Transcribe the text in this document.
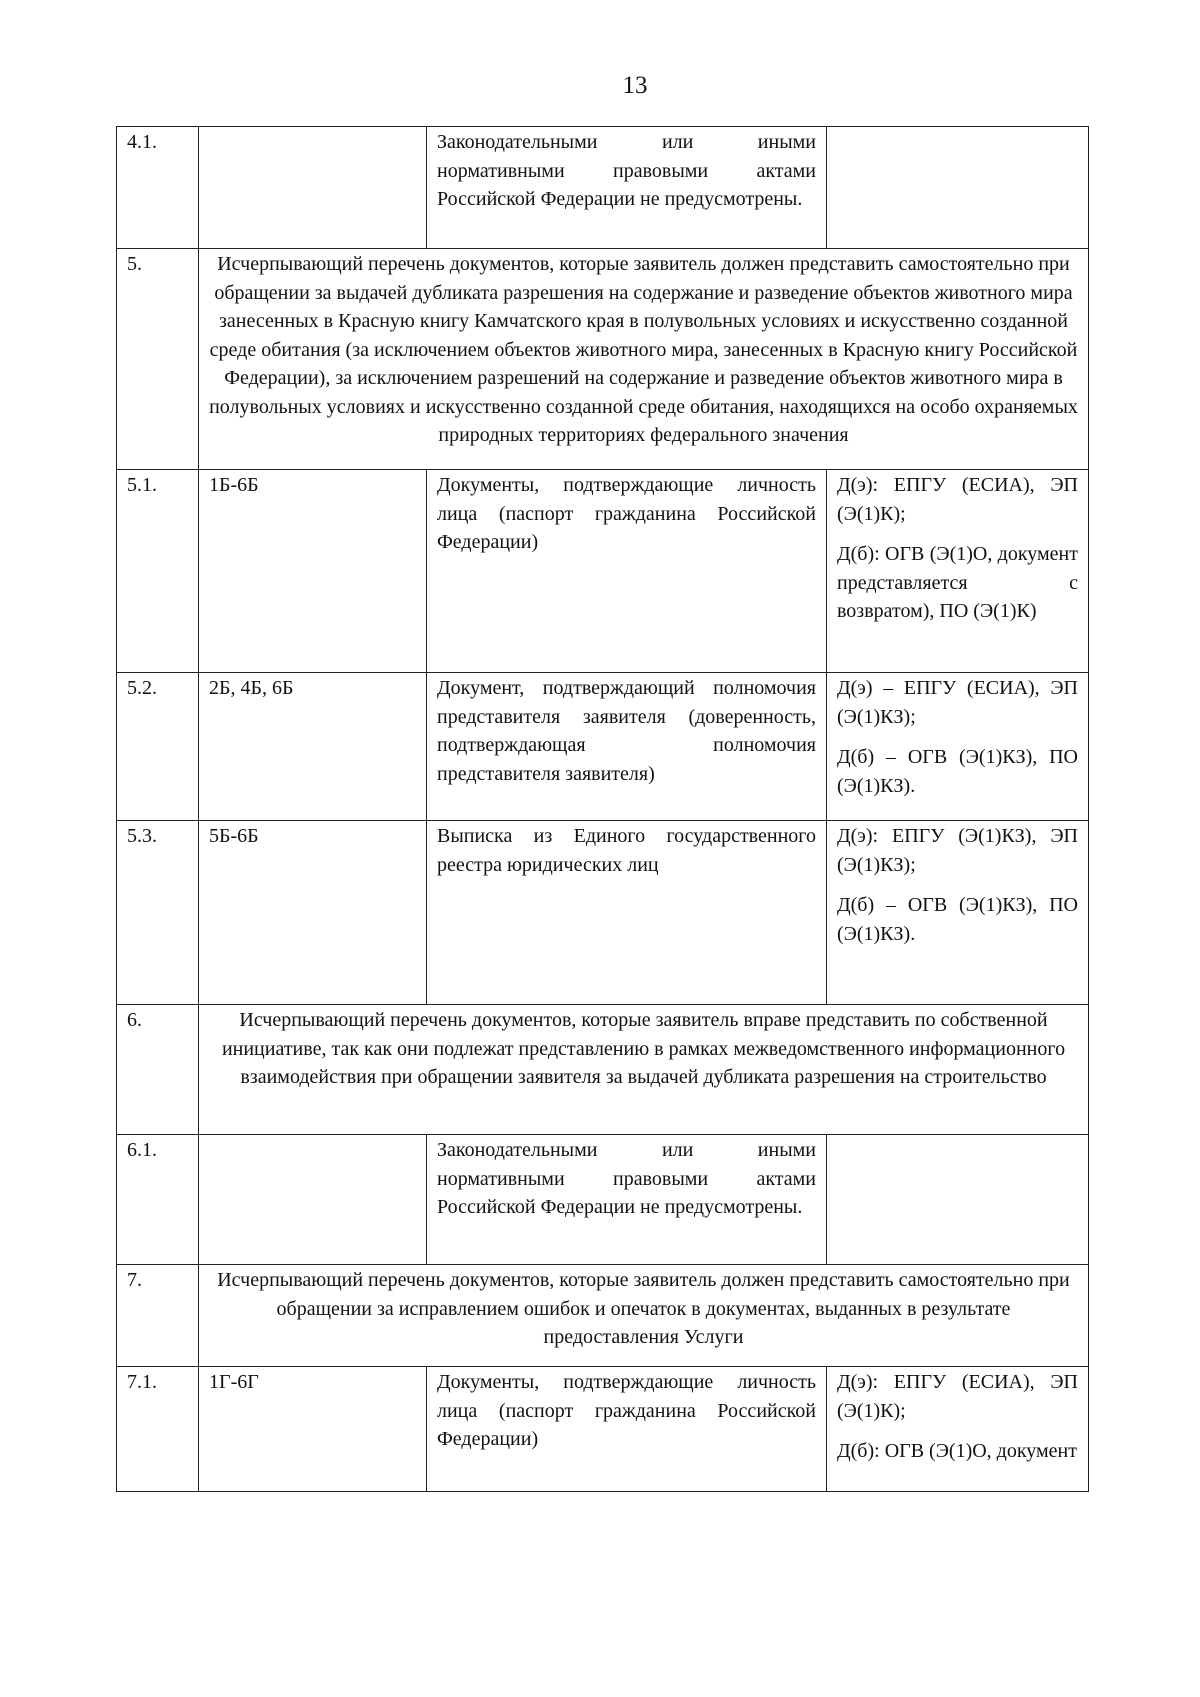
13
4.1.		Законодательными или иными нормативными правовыми актами Российской Федерации не предусмотрены.	
5.	Исчерпывающий перечень документов, которые заявитель должен представить самостоятельно при обращении за выдачей дубликата разрешения на содержание и разведение объектов животного мира занесенных в Красную книгу Камчатского края в полувольных условиях и искусственно созданной среде обитания (за исключением объектов животного мира, занесенных в Красную книгу Российской Федерации), за исключением разрешений на содержание и разведение объектов животного мира в полувольных условиях и искусственно созданной среде обитания, находящихся на особо охраняемых природных территориях федерального значения		
5.1.	1Б-6Б	Документы, подтверждающие личность лица (паспорт гражданина Российской Федерации)	Д(э): ЕПГУ (ЕСИА), ЭП (Э(1)К);
Д(б): ОГВ (Э(1)О, документ представляется с возвратом), ПО (Э(1)К)

5.2.	2Б, 4Б, 6Б	Документ, подтверждающий полномочия представителя заявителя (доверенность, подтверждающая полномочия представителя заявителя)	Д(э) – ЕПГУ (ЕСИА), ЭП (Э(1)КЗ);
Д(б) – ОГВ (Э(1)КЗ), ПО (Э(1)КЗ).

5.3.	5Б-6Б	Выписка из Единого государственного реестра юридических лиц	Д(э): ЕПГУ (Э(1)КЗ), ЭП (Э(1)КЗ);
Д(б) – ОГВ (Э(1)КЗ), ПО (Э(1)КЗ).

6.	Исчерпывающий перечень документов, которые заявитель вправе представить по собственной инициативе, так как они подлежат представлению в рамках межведомственного информационного взаимодействия при обращении заявителя за выдачей дубликата разрешения на строительство		
6.1.		Законодательными или иными нормативными правовыми актами Российской Федерации не предусмотрены.	
7.	Исчерпывающий перечень документов, которые заявитель должен представить самостоятельно при обращении за исправлением ошибок и опечаток в документах, выданных в результате предоставления Услуги		
7.1.	1Г-6Г	Документы, подтверждающие личность лица (паспорт гражданина Российской Федерации)	Д(э): ЕПГУ (ЕСИА), ЭП (Э(1)К);
Д(б): ОГВ (Э(1)О, документ
